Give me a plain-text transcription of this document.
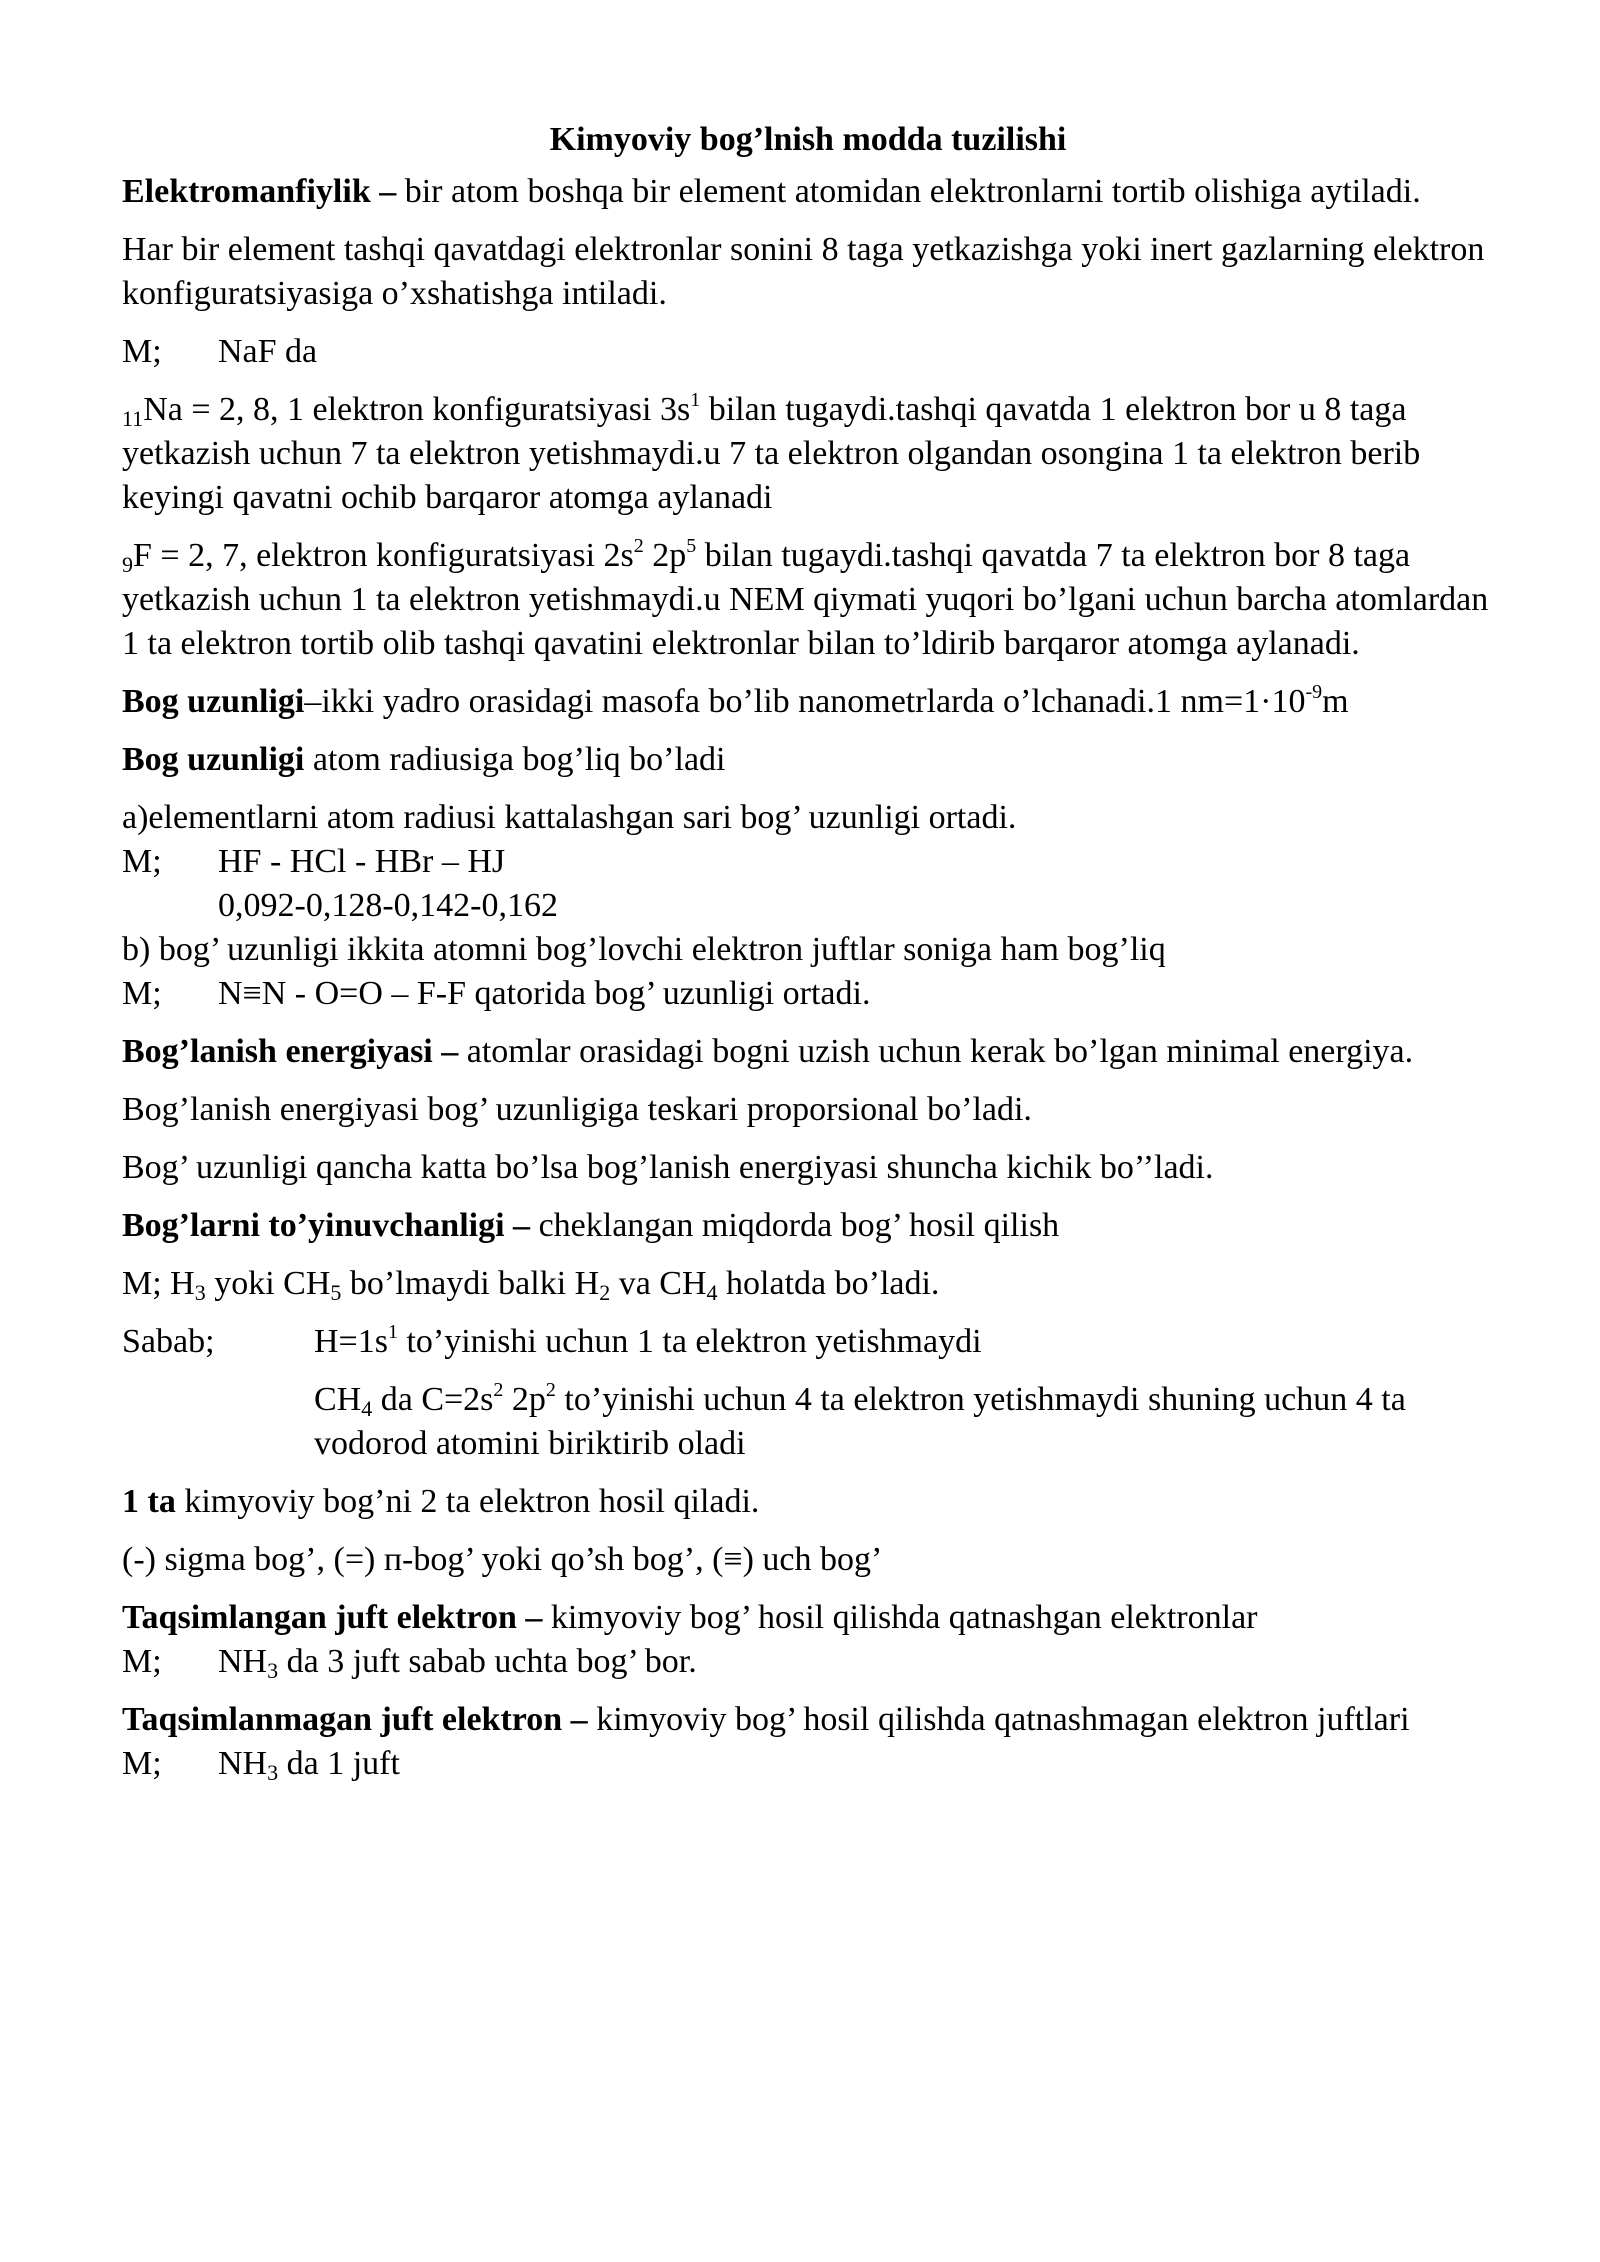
Kimyoviy bog’lnish modda tuzilishi

Elektromanfiylik – bir atom boshqa bir element atomidan elektronlarni tortib olishiga aytiladi.

Har bir element tashqi qavatdagi elektronlar sonini 8 taga yetkazishga yoki inert gazlarning elektron konfiguratsiyasiga o’xshatishga intiladi.

M; NaF da

$_{11}$Na = 2, 8, 1 elektron konfiguratsiyasi $3s^1$ bilan tugaydi.tashqi qavatda 1 elektron bor u 8 taga yetkazish uchun 7 ta elektron yetishmaydi.u 7 ta elektron olgandan osongina 1 ta elektron berib keyingi qavatni ochib barqaror atomga aylanadi

$_9$F = 2, 7, elektron konfiguratsiyasi $2s^2$ $2p^5$ bilan tugaydi.tashqi qavatda 7 ta elektron bor 8 taga yetkazish uchun 1 ta elektron yetishmaydi.u NEM qiymati yuqori bo’lgani uchun barcha atomlardan 1 ta elektron tortib olib tashqi qavatini elektronlar bilan to’ldirib barqaror atomga aylanadi.

Bog uzunligi–ikki yadro orasidagi masofa bo’lib nanometrlarda o’lchanadi.1 $nm=1\cdot 10^{-9}m$

Bog uzunligi atom radiusiga bog’liq bo’ladi

a)elementlarni atom radiusi kattalashgan sari bog’ uzunligi ortadi.

M; HF - HCl - HBr – HJ

0,092-0,128-0,142-0,162

b) bog’ uzunligi ikkita atomni bog’lovchi elektron juftlar soniga ham bog’liq

M; N≡N - O=O – F-F qatorida bog’ uzunligi ortadi.

Bog’lanish energiyasi – atomlar orasidagi bogni uzish uchun kerak bo’lgan minimal energiya.

Bog’lanish energiyasi bog’ uzunligiga teskari proporsional bo’ladi.

Bog’ uzunligi qancha katta bo’lsa bog’lanish energiyasi shuncha kichik bo’’ladi.

Bog’larni to’yinuvchanligi – cheklangan miqdorda bog’ hosil qilish

M; $H_3$ yoki $CH_5$ bo’lmaydi balki $H_2$ va $CH_4$ holatda bo’ladi.

Sabab;	$H=1s^1$ to’yinishi uchun 1 ta elektron yetishmaydi

$CH_4$ da $C=2s^2$ $2p^2$ to’yinishi uchun 4 ta elektron yetishmaydi shuning uchun 4 ta vodorod atomini biriktirib oladi

1 ta kimyoviy bog’ni 2 ta elektron hosil qiladi.

(-) sigma bog’, (=) п-bog’ yoki qo’sh bog’, (≡) uch bog’

Taqsimlangan juft elektron – kimyoviy bog’ hosil qilishda qatnashgan elektronlar

M; $NH_3$ da 3 juft sabab uchta bog’ bor.

Taqsimlanmagan juft elektron – kimyoviy bog’ hosil qilishda qatnashmagan elektron juftlari

M; $NH_3$ da 1 juft
